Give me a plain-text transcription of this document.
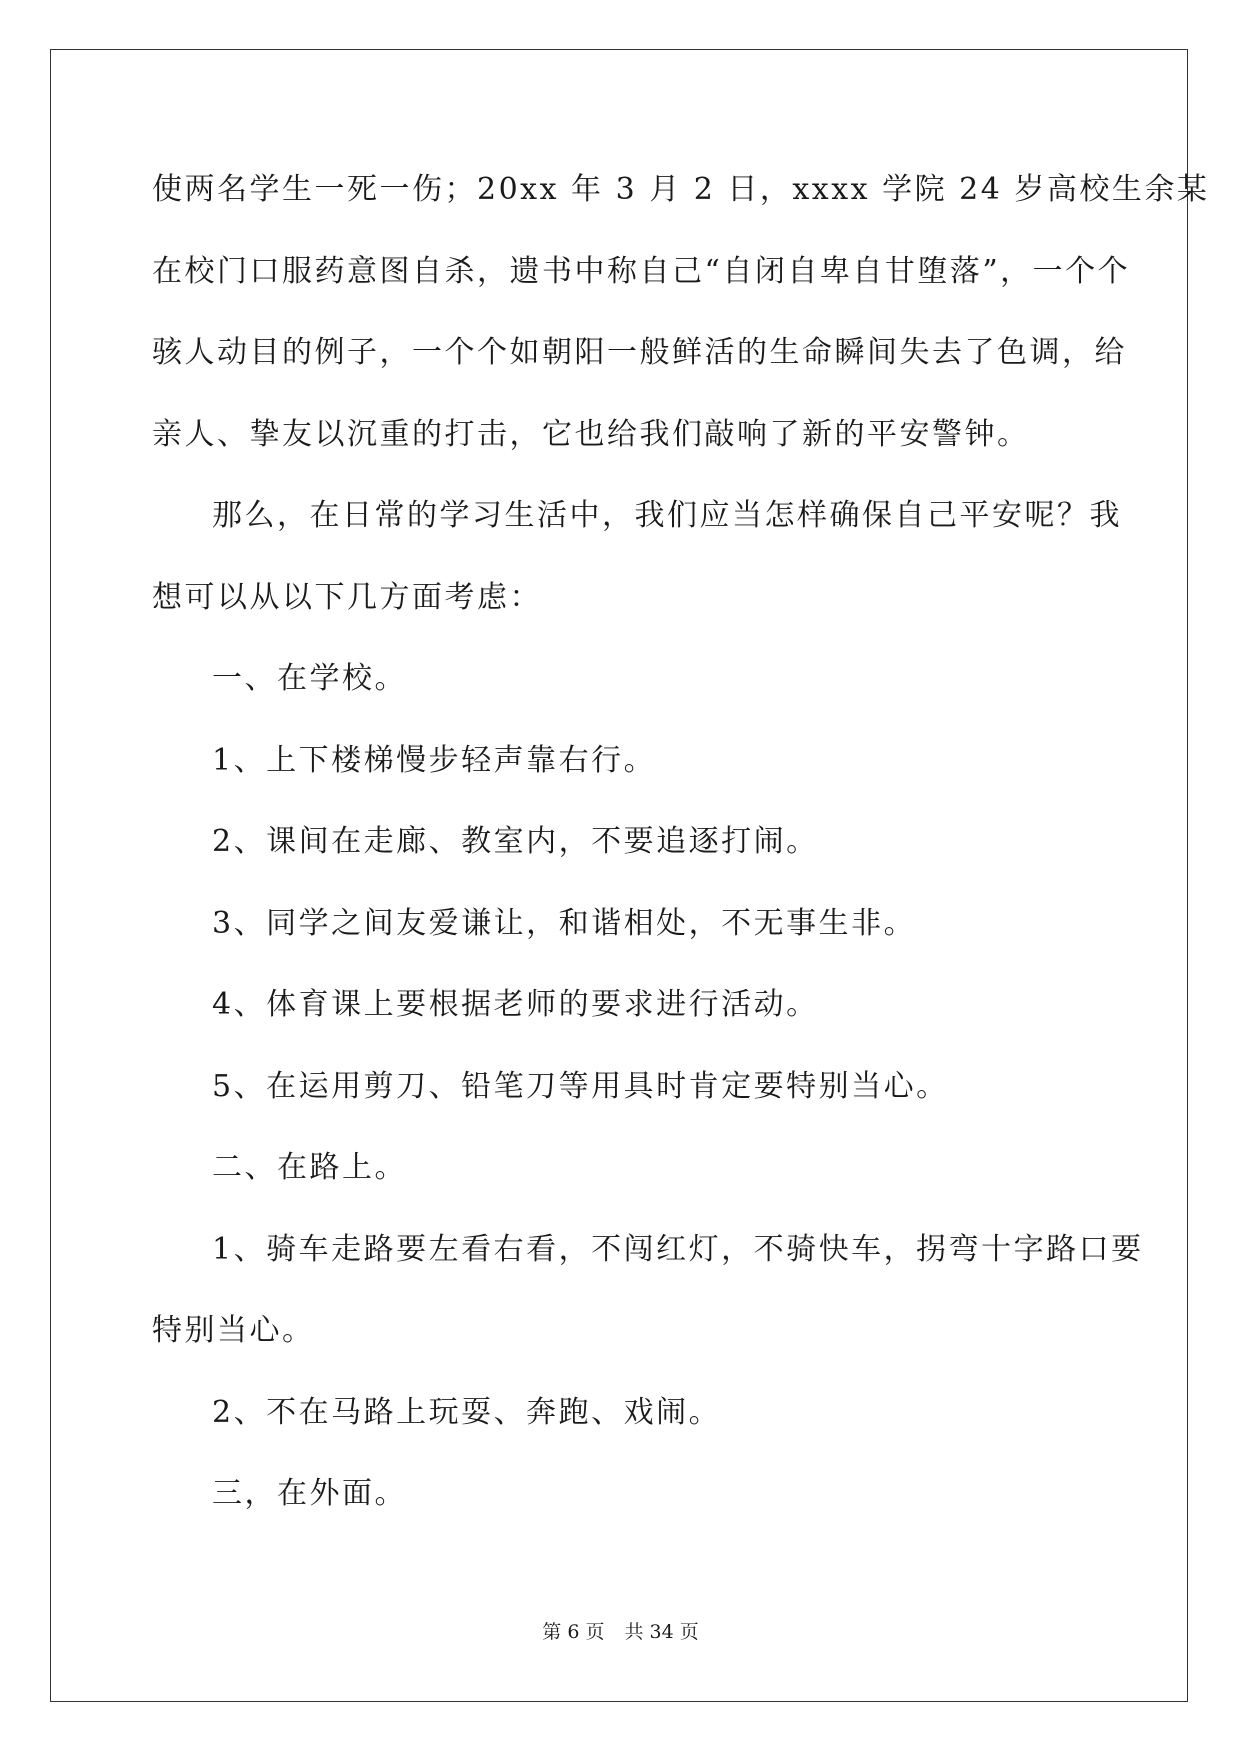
使两名学生一死一伤；20xx 年 3 月 2 日，xxxx 学院 24 岁高校生余某

在校门口服药意图自杀，遗书中称自己“自闭自卑自甘堕落”，一个个

骇人动目的例子，一个个如朝阳一般鲜活的生命瞬间失去了色调，给

亲人、挚友以沉重的打击，它也给我们敲响了新的平安警钟。

那么，在日常的学习生活中，我们应当怎样确保自己平安呢？我

想可以从以下几方面考虑：

一、在学校。

1、上下楼梯慢步轻声靠右行。

2、课间在走廊、教室内，不要追逐打闹。

3、同学之间友爱谦让，和谐相处，不无事生非。

4、体育课上要根据老师的要求进行活动。

5、在运用剪刀、铅笔刀等用具时肯定要特别当心。

二、在路上。

1、骑车走路要左看右看，不闯红灯，不骑快车，拐弯十字路口要

特别当心。

2、不在马路上玩耍、奔跑、戏闹。

三，在外面。

第 6 页 共 34 页
